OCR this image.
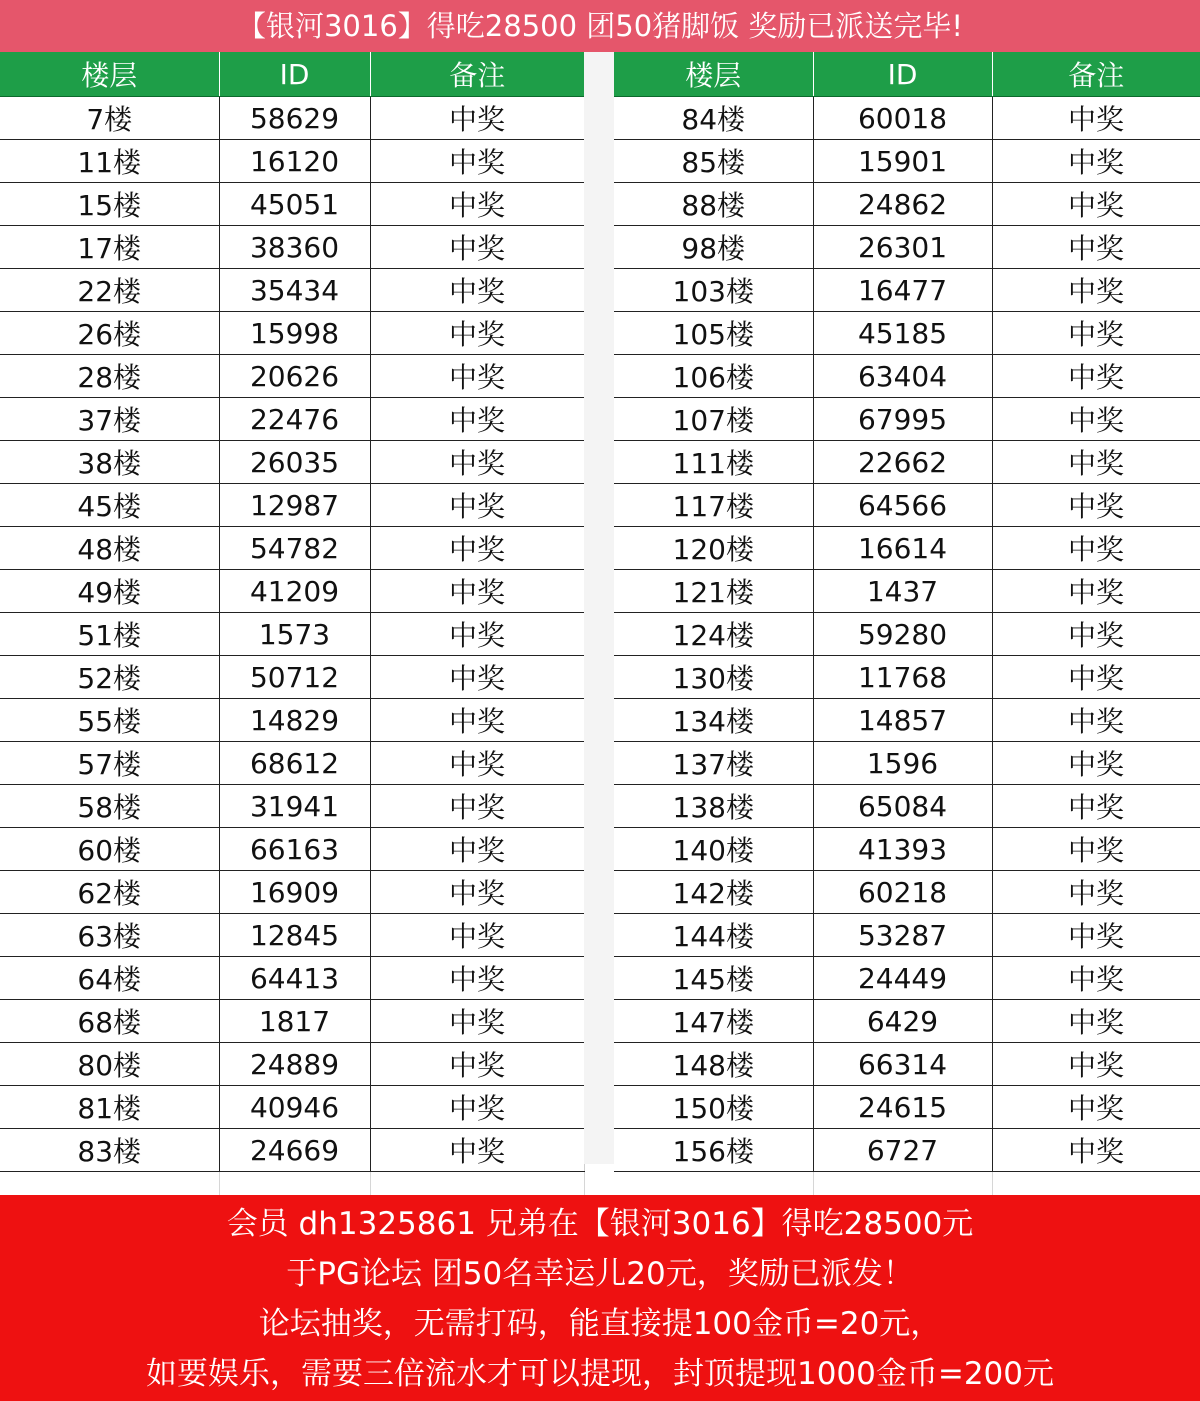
【银河3016】得吃28500 团50猪脚饭 奖励已派送完毕!
楼层	ID	备注
7楼	58629	中奖
11楼	16120	中奖
15楼	45051	中奖
17楼	38360	中奖
22楼	35434	中奖
26楼	15998	中奖
28楼	20626	中奖
37楼	22476	中奖
38楼	26035	中奖
45楼	12987	中奖
48楼	54782	中奖
49楼	41209	中奖
51楼	1573	中奖
52楼	50712	中奖
55楼	14829	中奖
57楼	68612	中奖
58楼	31941	中奖
60楼	66163	中奖
62楼	16909	中奖
63楼	12845	中奖
64楼	64413	中奖
68楼	1817	中奖
80楼	24889	中奖
81楼	40946	中奖
83楼	24669	中奖

楼层	ID	备注
84楼	60018	中奖
85楼	15901	中奖
88楼	24862	中奖
98楼	26301	中奖
103楼	16477	中奖
105楼	45185	中奖
106楼	63404	中奖
107楼	67995	中奖
111楼	22662	中奖
117楼	64566	中奖
120楼	16614	中奖
121楼	1437	中奖
124楼	59280	中奖
130楼	11768	中奖
134楼	14857	中奖
137楼	1596	中奖
138楼	65084	中奖
140楼	41393	中奖
142楼	60218	中奖
144楼	53287	中奖
145楼	24449	中奖
147楼	6429	中奖
148楼	66314	中奖
150楼	24615	中奖
156楼	6727	中奖

会员 dh1325861 兄弟在【银河3016】得吃28500元
于PG论坛 团50名幸运儿20元，奖励已派发！
论坛抽奖，无需打码，能直接提100金币=20元，
如要娱乐，需要三倍流水才可以提现，封顶提现1000金币=200元
